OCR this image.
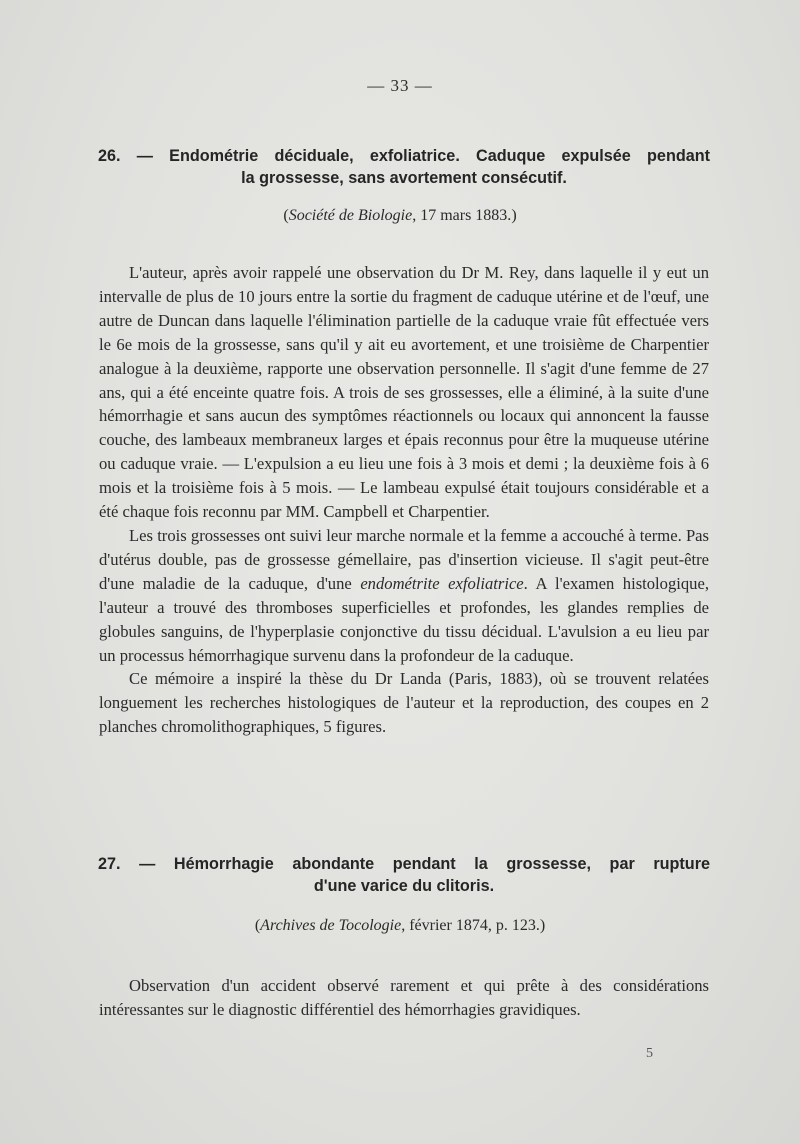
— 33 —
26. — Endométrie déciduale, exfoliatrice. Caduque expulsée pendant
la grossesse, sans avortement consécutif.
(Société de Biologie, 17 mars 1883.)

L'auteur, après avoir rappelé une observation du Dr M. Rey, dans laquelle il y eut un intervalle de plus de 10 jours entre la sortie du fragment de caduque utérine et de l'œuf, une autre de Duncan dans laquelle l'élimination partielle de la caduque vraie fût effectuée vers le 6e mois de la grossesse, sans qu'il y ait eu avortement, et une troisième de Charpentier analogue à la deuxième, rapporte une observation personnelle. Il s'agit d'une femme de 27 ans, qui a été enceinte quatre fois. A trois de ses grossesses, elle a éliminé, à la suite d'une hémorrhagie et sans aucun des symptômes réactionnels ou locaux qui annoncent la fausse couche, des lambeaux membraneux larges et épais reconnus pour être la muqueuse utérine ou caduque vraie. — L'expulsion a eu lieu une fois à 3 mois et demi ; la deuxième fois à 6 mois et la troisième fois à 5 mois. — Le lambeau expulsé était toujours considérable et a été chaque fois reconnu par MM. Campbell et Charpentier.

Les trois grossesses ont suivi leur marche normale et la femme a accouché à terme. Pas d'utérus double, pas de grossesse gémellaire, pas d'insertion vicieuse. Il s'agit peut-être d'une maladie de la caduque, d'une endométrite exfoliatrice. A l'examen histologique, l'auteur a trouvé des thromboses superficielles et profondes, les glandes remplies de globules sanguins, de l'hyperplasie conjonctive du tissu décidual. L'avulsion a eu lieu par un processus hémorrhagique survenu dans la profondeur de la caduque.

Ce mémoire a inspiré la thèse du Dr Landa (Paris, 1883), où se trouvent relatées longuement les recherches histologiques de l'auteur et la reproduction, des coupes en 2 planches chromolithographiques, 5 figures.

27. — Hémorrhagie abondante pendant la grossesse, par rupture
d'une varice du clitoris.
(Archives de Tocologie, février 1874, p. 123.)

Observation d'un accident observé rarement et qui prête à des considérations intéressantes sur le diagnostic différentiel des hémorrhagies gravidiques.

5
